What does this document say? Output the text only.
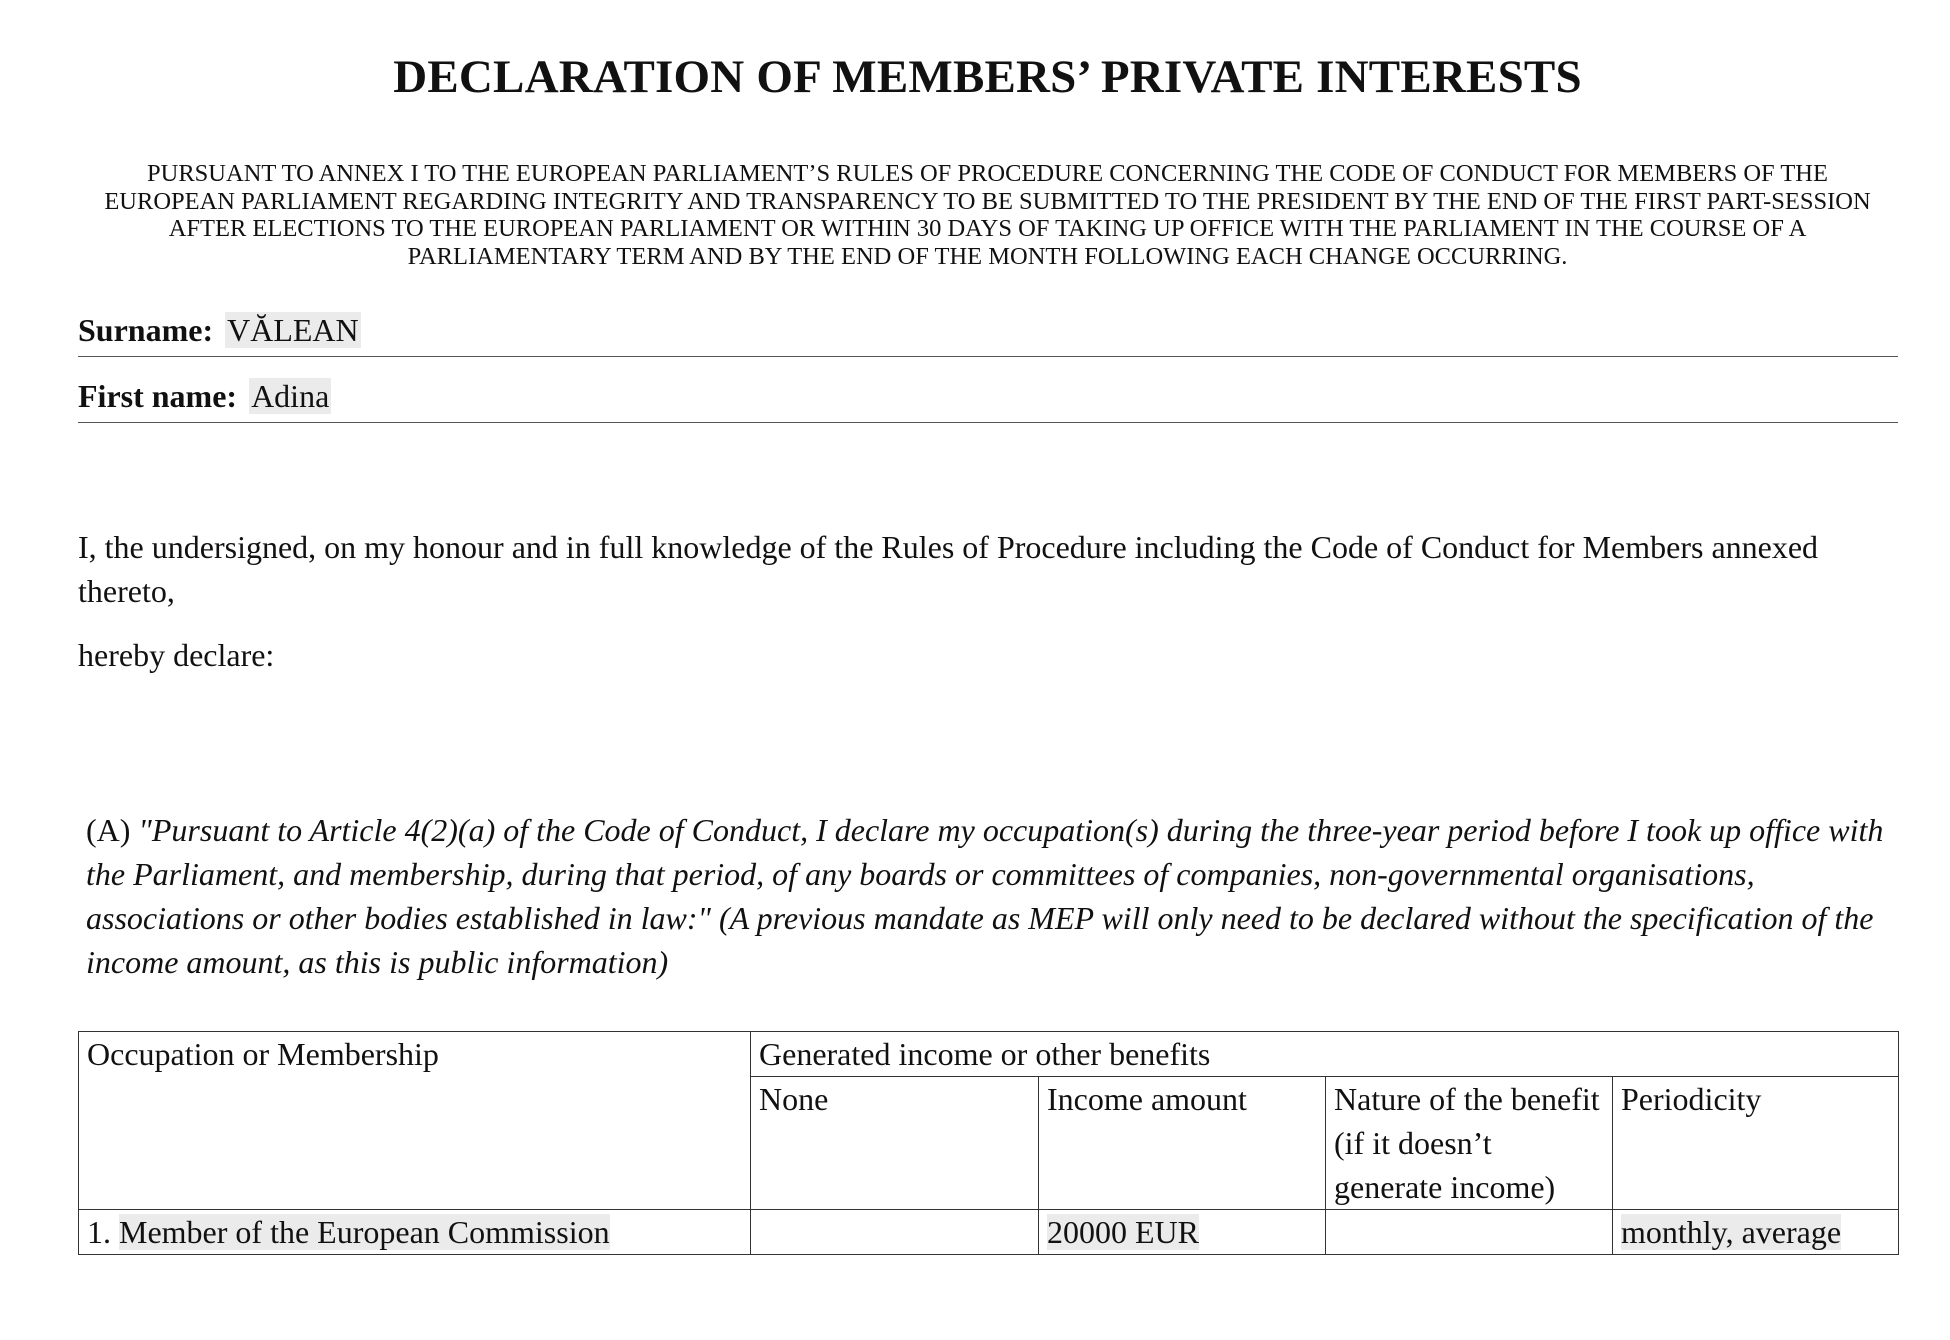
DECLARATION OF MEMBERS’ PRIVATE INTERESTS
PURSUANT TO ANNEX I TO THE EUROPEAN PARLIAMENT’S RULES OF PROCEDURE CONCERNING THE CODE OF CONDUCT FOR MEMBERS OF THE EUROPEAN PARLIAMENT REGARDING INTEGRITY AND TRANSPARENCY TO BE SUBMITTED TO THE PRESIDENT BY THE END OF THE FIRST PART-SESSION AFTER ELECTIONS TO THE EUROPEAN PARLIAMENT OR WITHIN 30 DAYS OF TAKING UP OFFICE WITH THE PARLIAMENT IN THE COURSE OF A PARLIAMENTARY TERM AND BY THE END OF THE MONTH FOLLOWING EACH CHANGE OCCURRING.
Surname: VĂLEAN
First name: Adina
I, the undersigned, on my honour and in full knowledge of the Rules of Procedure including the Code of Conduct for Members annexed thereto,
hereby declare:
(A) "Pursuant to Article 4(2)(a) of the Code of Conduct, I declare my occupation(s) during the three-year period before I took up office with the Parliament, and membership, during that period, of any boards or committees of companies, non-governmental organisations, associations or other bodies established in law:" (A previous mandate as MEP will only need to be declared without the specification of the income amount, as this is public information)
Occupation or Membership	Generated income or other benefits			
	None	Income amount	Nature of the benefit (if it doesn’t generate income)	Periodicity
1. Member of the European Commission		20000 EUR		monthly, average
